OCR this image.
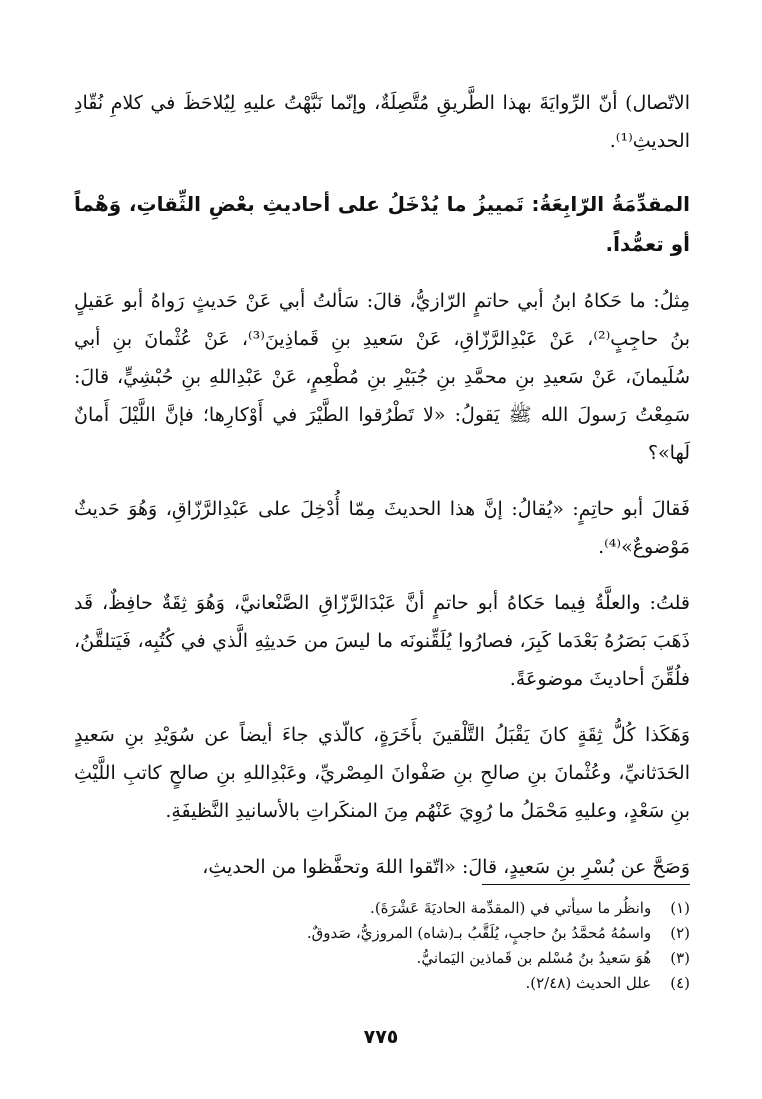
الاتّصال) أنّ الرِّوايَةَ بهذا الطَّريقِ مُتَّصِلَةٌ، وإنّما نَبَّهْتُ عليهِ لِيُلاحَظَ في كلامِ نُقّادِ الحديثِ⁽¹⁾.

المقدِّمَةُ الرّابِعَةُ: تَمييزُ ما يُدْخَلُ على أحاديثِ بعْضِ الثِّقاتِ، وَهْماً أو تعمُّداً.

مِثلُ: ما حَكاهُ ابنُ أبي حاتمٍ الرّازيُّ، قالَ: سَألتُ أبي عَنْ حَديثٍ رَواهُ أبو عَقيلٍ بنُ حاجِبٍ⁽²⁾، عَنْ عَبْدِالرَّزّاقِ، عَنْ سَعيدِ بنِ قَماذِينَ⁽³⁾، عَنْ عُثْمانَ بنِ أبي سُلَيمانَ، عَنْ سَعيدِ بنِ محمَّدِ بنِ جُبَيْرِ بنِ مُطْعِمٍ، عَنْ عَبْدِاللهِ بنِ حُبْشِيٍّ، قالَ: سَمِعْتُ رَسولَ الله ﷺ يَقولُ: «لا تَطْرُقوا الطَّيْرَ في أَوْكارِها؛ فإنَّ اللَّيْلَ أَمانٌ لَها»؟

فَقالَ أبو حاتِمٍ: «يُقالُ: إنَّ هذا الحديثَ مِمّا أُدْخِلَ على عَبْدِالرَّزّاقِ، وَهُوَ حَديثٌ مَوْضوعٌ»⁽⁴⁾.

قلتُ: والعلَّةُ فِيما حَكاهُ أبو حاتمٍ أنَّ عَبْدَالرَّزّاقِ الصَّنْعانيَّ، وَهُوَ ثِقَةٌ حافِظٌ، قَد ذَهَبَ بَصَرُهُ بَعْدَما كَبِرَ، فصارُوا يُلَقِّنونَه ما ليسَ من حَديثِهِ الَّذي في كُتُبِه، فَيَتلقَّنُ، فلُقِّنَ أحاديثَ موضوعَةً.

وَهَكَذا كُلُّ ثِقَةٍ كانَ يَقْبَلُ التَّلْقينَ بأَخَرَةٍ، كالّذي جاءَ أيضاً عن سُوَيْدِ بنِ سَعيدٍ الحَدَثانيِّ، وعُثْمانَ بنِ صالحِ بنِ صَفْوانَ المِصْريِّ، وعَبْدِاللهِ بنِ صالحٍ كاتبِ اللَّيْثِ بنِ سَعْدٍ، وعليهِ مَحْمَلُ ما رُوِيَ عَنْهُم مِنَ المنكَراتِ بالأسانيدِ النَّظيفَةِ.

وَصَحَّ عن بُسْرِ بنِ سَعيدٍ، قالَ: «اتّقوا اللهَ وتحفَّظوا من الحديثِ،

(١) وانظُر ما سيأتي في (المقدِّمة الحاديَةَ عَشْرَةَ).
(٢) واسمُهُ مُحمَّدُ بنُ حاجبٍ، يُلَقَّبُ بـ(شاه) المروزيُّ، صَدوقٌ.
(٣) هُوَ سَعيدُ بنُ مُسْلم بن قَماذين اليَمانيُّ.
(٤) علل الحديث (٢/٤٨).
٧٧٥
